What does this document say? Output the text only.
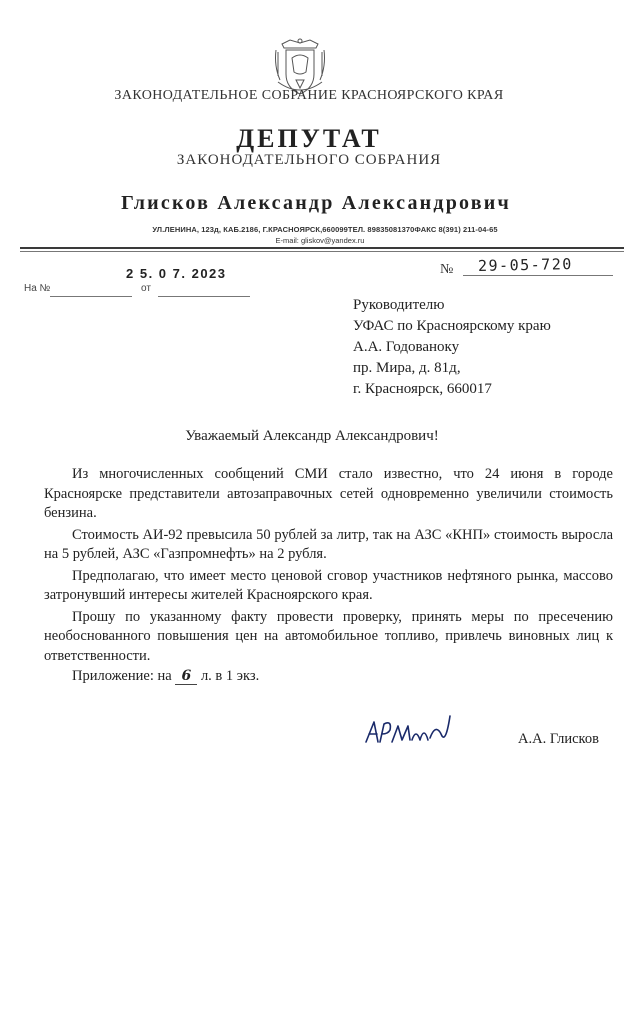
ЗАКОНОДАТЕЛЬНОЕ СОБРАНИЕ КРАСНОЯРСКОГО КРАЯ
ДЕПУТАТ
ЗАКОНОДАТЕЛЬНОГО СОБРАНИЯ
Глисков Александр Александрович
УЛ.ЛЕНИНА, 123д, КАБ.2186, Г.КРАСНОЯРСК,660099ТЕЛ. 89835081370ФАКС 8(391) 211-04-65
E-mail: gliskov@yandex.ru
2 5. 0 7. 2023
На №	от
№ 29-05-720
Руководителю
УФАС по Красноярскому краю
А.А. Годованоку
пр. Мира, д. 81д,
г. Красноярск, 660017
Уважаемый Александр Александрович!

Из многочисленных сообщений СМИ стало известно, что 24 июня в городе Красноярске представители автозаправочных сетей одновременно увеличили стоимость бензина.

Стоимость АИ-92 превысила 50 рублей за литр, так на АЗС «КНП» стоимость выросла на 5 рублей, АЗС «Газпромнефть» на 2 рубля.

Предполагаю, что имеет место ценовой сговор участников нефтяного рынка, массово затронувший интересы жителей Красноярского края.

Прошу по указанному факту провести проверку, принять меры по пресечению необоснованного повышения цен на автомобильное топливо, привлечь виновных лиц к ответственности.

Приложение: на 6 л. в 1 экз.
А.А. Глисков
